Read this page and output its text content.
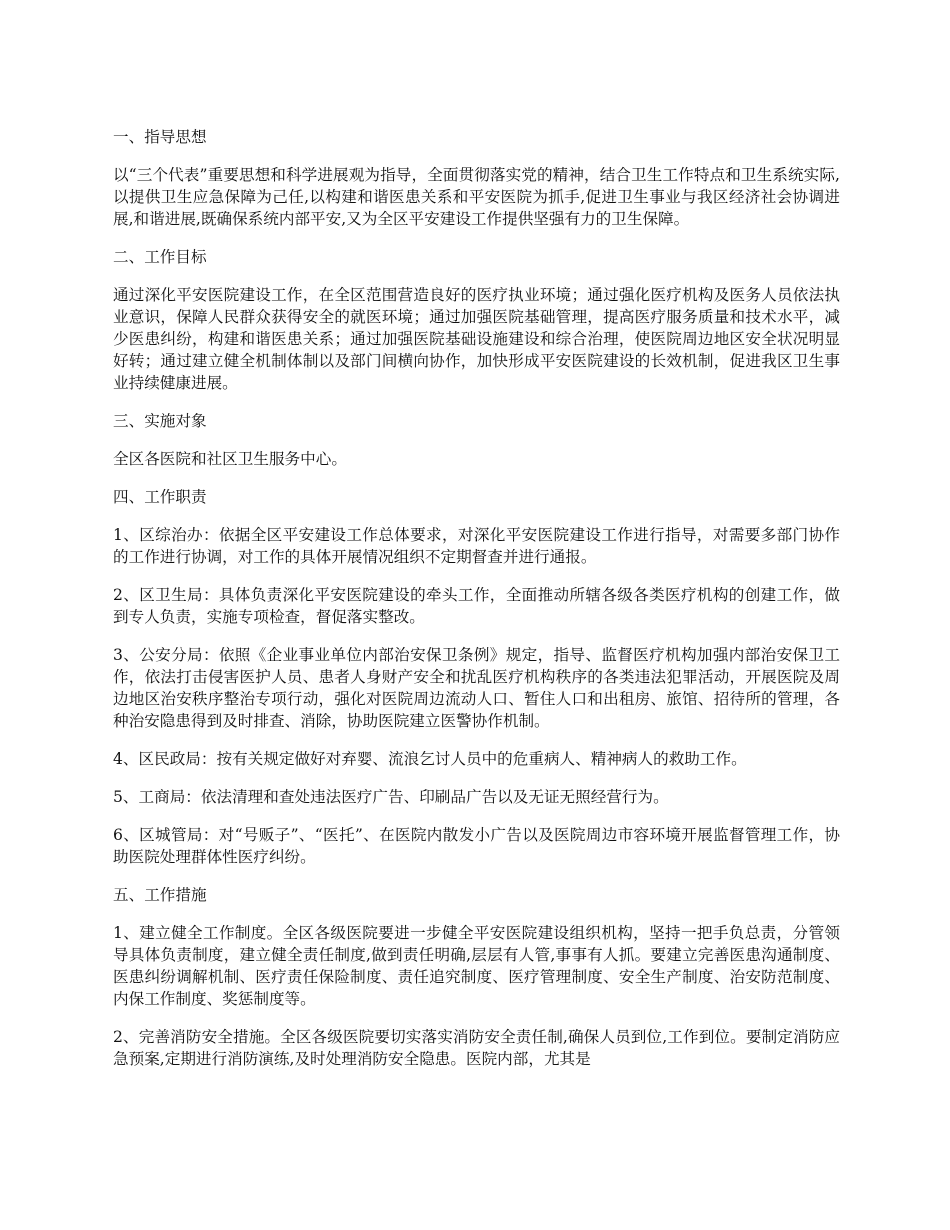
一、指导思想

以“三个代表”重要思想和科学进展观为指导，全面贯彻落实党的精神，结合卫生工作特点和卫生系统实际,以提供卫生应急保障为己任,以构建和谐医患关系和平安医院为抓手,促进卫生事业与我区经济社会协调进展,和谐进展,既确保系统内部平安,又为全区平安建设工作提供坚强有力的卫生保障。

二、工作目标

通过深化平安医院建设工作，在全区范围营造良好的医疗执业环境；通过强化医疗机构及医务人员依法执业意识，保障人民群众获得安全的就医环境；通过加强医院基础管理，提高医疗服务质量和技术水平，减少医患纠纷，构建和谐医患关系；通过加强医院基础设施建设和综合治理，使医院周边地区安全状况明显好转；通过建立健全机制体制以及部门间横向协作，加快形成平安医院建设的长效机制，促进我区卫生事业持续健康进展。

三、实施对象

全区各医院和社区卫生服务中心。

四、工作职责

1、区综治办：依据全区平安建设工作总体要求，对深化平安医院建设工作进行指导，对需要多部门协作的工作进行协调，对工作的具体开展情况组织不定期督查并进行通报。

2、区卫生局：具体负责深化平安医院建设的牵头工作，全面推动所辖各级各类医疗机构的创建工作，做到专人负责，实施专项检查，督促落实整改。

3、公安分局：依照《企业事业单位内部治安保卫条例》规定，指导、监督医疗机构加强内部治安保卫工作，依法打击侵害医护人员、患者人身财产安全和扰乱医疗机构秩序的各类违法犯罪活动，开展医院及周边地区治安秩序整治专项行动，强化对医院周边流动人口、暂住人口和出租房、旅馆、招待所的管理，各种治安隐患得到及时排查、消除，协助医院建立医警协作机制。

4、区民政局：按有关规定做好对弃婴、流浪乞讨人员中的危重病人、精神病人的救助工作。

5、工商局：依法清理和查处违法医疗广告、印刷品广告以及无证无照经营行为。

6、区城管局：对“号贩子”、“医托”、在医院内散发小广告以及医院周边市容环境开展监督管理工作，协助医院处理群体性医疗纠纷。

五、工作措施

1、建立健全工作制度。全区各级医院要进一步健全平安医院建设组织机构，坚持一把手负总责，分管领导具体负责制度，建立健全责任制度,做到责任明确,层层有人管,事事有人抓。要建立完善医患沟通制度、医患纠纷调解机制、医疗责任保险制度、责任追究制度、医疗管理制度、安全生产制度、治安防范制度、内保工作制度、奖惩制度等。

2、完善消防安全措施。全区各级医院要切实落实消防安全责任制,确保人员到位,工作到位。要制定消防应急预案,定期进行消防演练,及时处理消防安全隐患。医院内部，尤其是
